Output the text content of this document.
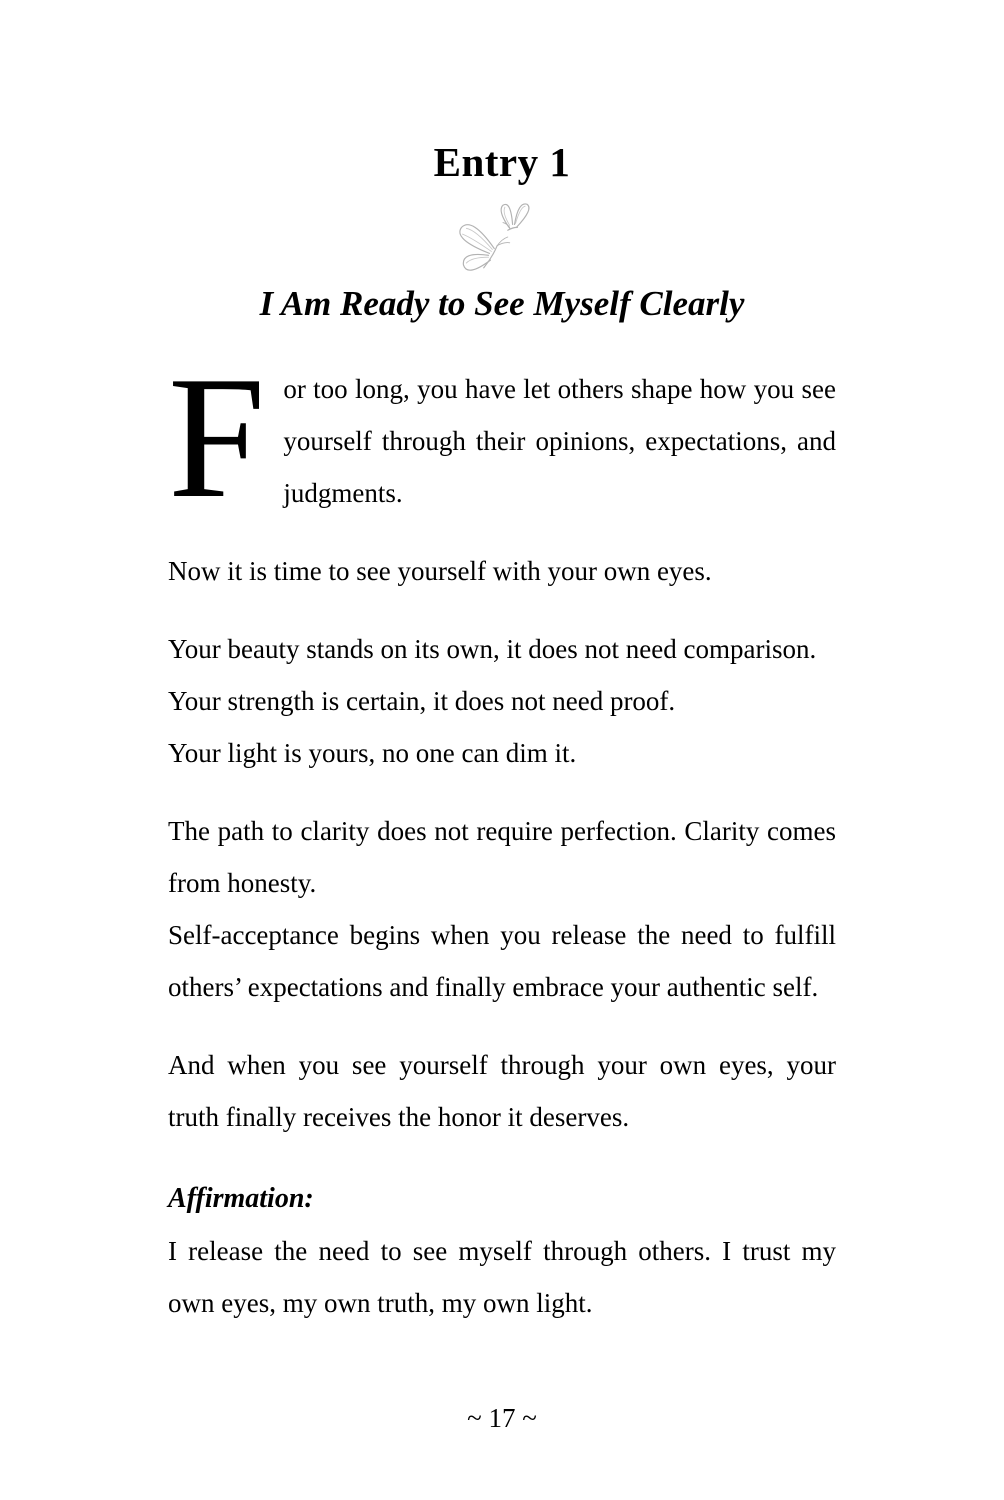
Entry 1
I Am Ready to See Myself Clearly

For too long, you have let others shape how you see yourself through their opinions, expectations, and judgments.

Now it is time to see yourself with your own eyes.

Your beauty stands on its own, it does not need comparison.
Your strength is certain, it does not need proof.
Your light is yours, no one can dim it.

The path to clarity does not require perfection. Clarity comes from honesty.

Self-acceptance begins when you release the need to fulfill others’ expectations and finally embrace your authentic self.

And when you see yourself through your own eyes, your truth finally receives the honor it deserves.

Affirmation:

I release the need to see myself through others. I trust my own eyes, my own truth, my own light.

~ 17 ~
